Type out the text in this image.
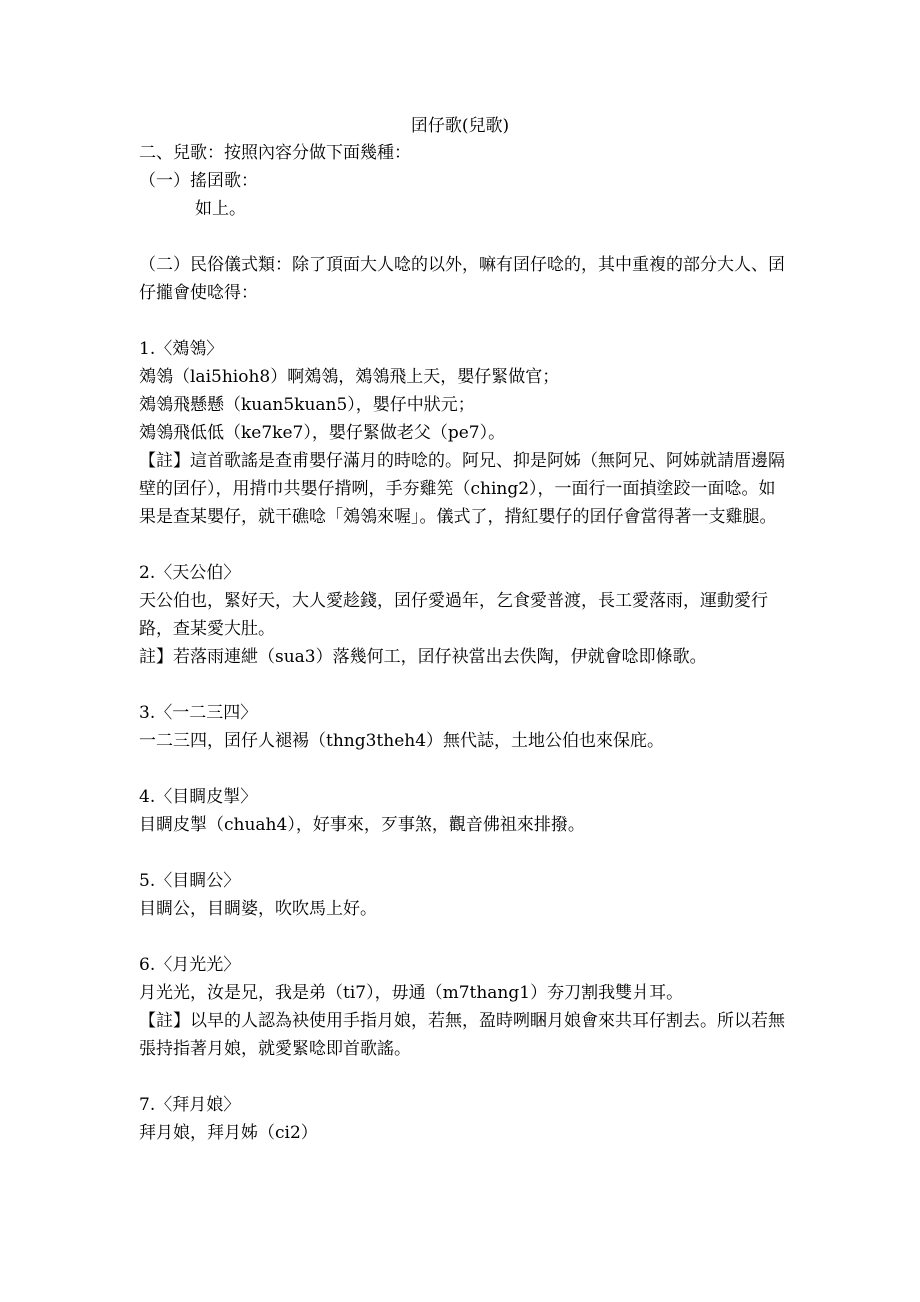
囝仔歌(兒歌)
二、兒歌：按照內容分做下面幾種：
（一）搖囝歌：
如上。
（二）民俗儀式類：除了頂面大人唸的以外，嘛有囝仔唸的，其中重複的部分大人、囝仔攏會使唸得：
1.〈鵁鴒〉
鵁鴒（lai5hioh8）啊鵁鴒，鵁鴒飛上天，嬰仔緊做官；
鵁鴒飛懸懸（kuan5kuan5），嬰仔中狀元；
鵁鴒飛低低（ke7ke7），嬰仔緊做老父（pe7）。
【註】這首歌謠是查甫嬰仔滿月的時唸的。阿兄、抑是阿姊（無阿兄、阿姊就請厝邊隔壁的囝仔），用揹巾共嬰仔揹咧，手夯雞筅（ching2），一面行一面揁塗跤一面唸。如果是查某嬰仔，就干礁唸「鵁鴒來喔」。儀式了，揹紅嬰仔的囝仔會當得著一支雞腿。
2.〈天公伯〉
天公伯也，緊好天，大人愛趁錢，囝仔愛過年，乞食愛普渡，長工愛落雨，運動愛行路，查某愛大肚。
註】若落雨連紲（sua3）落幾何工，囝仔袂當出去佚陶，伊就會唸即條歌。
3.〈一二三四〉
一二三四，囝仔人褪裼（thng3theh4）無代誌，土地公伯也來保庇。
4.〈目睭皮掣〉
目睭皮掣（chuah4），好事來，歹事煞，觀音佛祖來排撥。
5.〈目睭公〉
目睭公，目睭婆，吹吹馬上好。
6.〈月光光〉
月光光，汝是兄，我是弟（ti7），毋通（m7thang1）夯刀割我雙爿耳。
【註】以早的人認為袂使用手指月娘，若無，盈時咧睏月娘會來共耳仔割去。所以若無張持指著月娘，就愛緊唸即首歌謠。
7.〈拜月娘〉
拜月娘，拜月姊（ci2）
